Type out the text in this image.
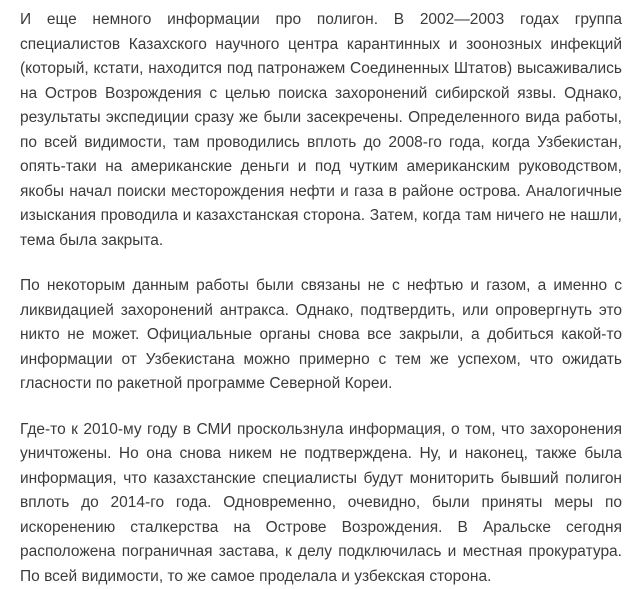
И еще немного информации про полигон. В 2002—2003 годах группа специалистов Казахского научного центра карантинных и зоонозных инфекций (который, кстати, находится под патронажем Соединенных Штатов) высаживались на Остров Возрождения с целью поиска захоронений сибирской язвы. Однако, результаты экспедиции сразу же были засекречены. Определенного вида работы, по всей видимости, там проводились вплоть до 2008-го года, когда Узбекистан, опять-таки на американские деньги и под чутким американским руководством, якобы начал поиски месторождения нефти и газа в районе острова. Аналогичные изыскания проводила и казахстанская сторона. Затем, когда там ничего не нашли, тема была закрыта.

По некоторым данным работы были связаны не с нефтью и газом, а именно с ликвидацией захоронений антракса. Однако, подтвердить, или опровергнуть это никто не может. Официальные органы снова все закрыли, а добиться какой-то информации от Узбекистана можно примерно с тем же успехом, что ожидать гласности по ракетной программе Северной Кореи.

Где-то к 2010-му году в СМИ проскользнула информация, о том, что захоронения уничтожены. Но она снова никем не подтверждена. Ну, и наконец, также была информация, что казахстанские специалисты будут мониторить бывший полигон вплоть до 2014-го года. Одновременно, очевидно, были приняты меры по искоренению сталкерства на Острове Возрождения. В Аральске сегодня расположена пограничная застава, к делу подключилась и местная прокуратура. По всей видимости, то же самое проделала и узбекская сторона.
